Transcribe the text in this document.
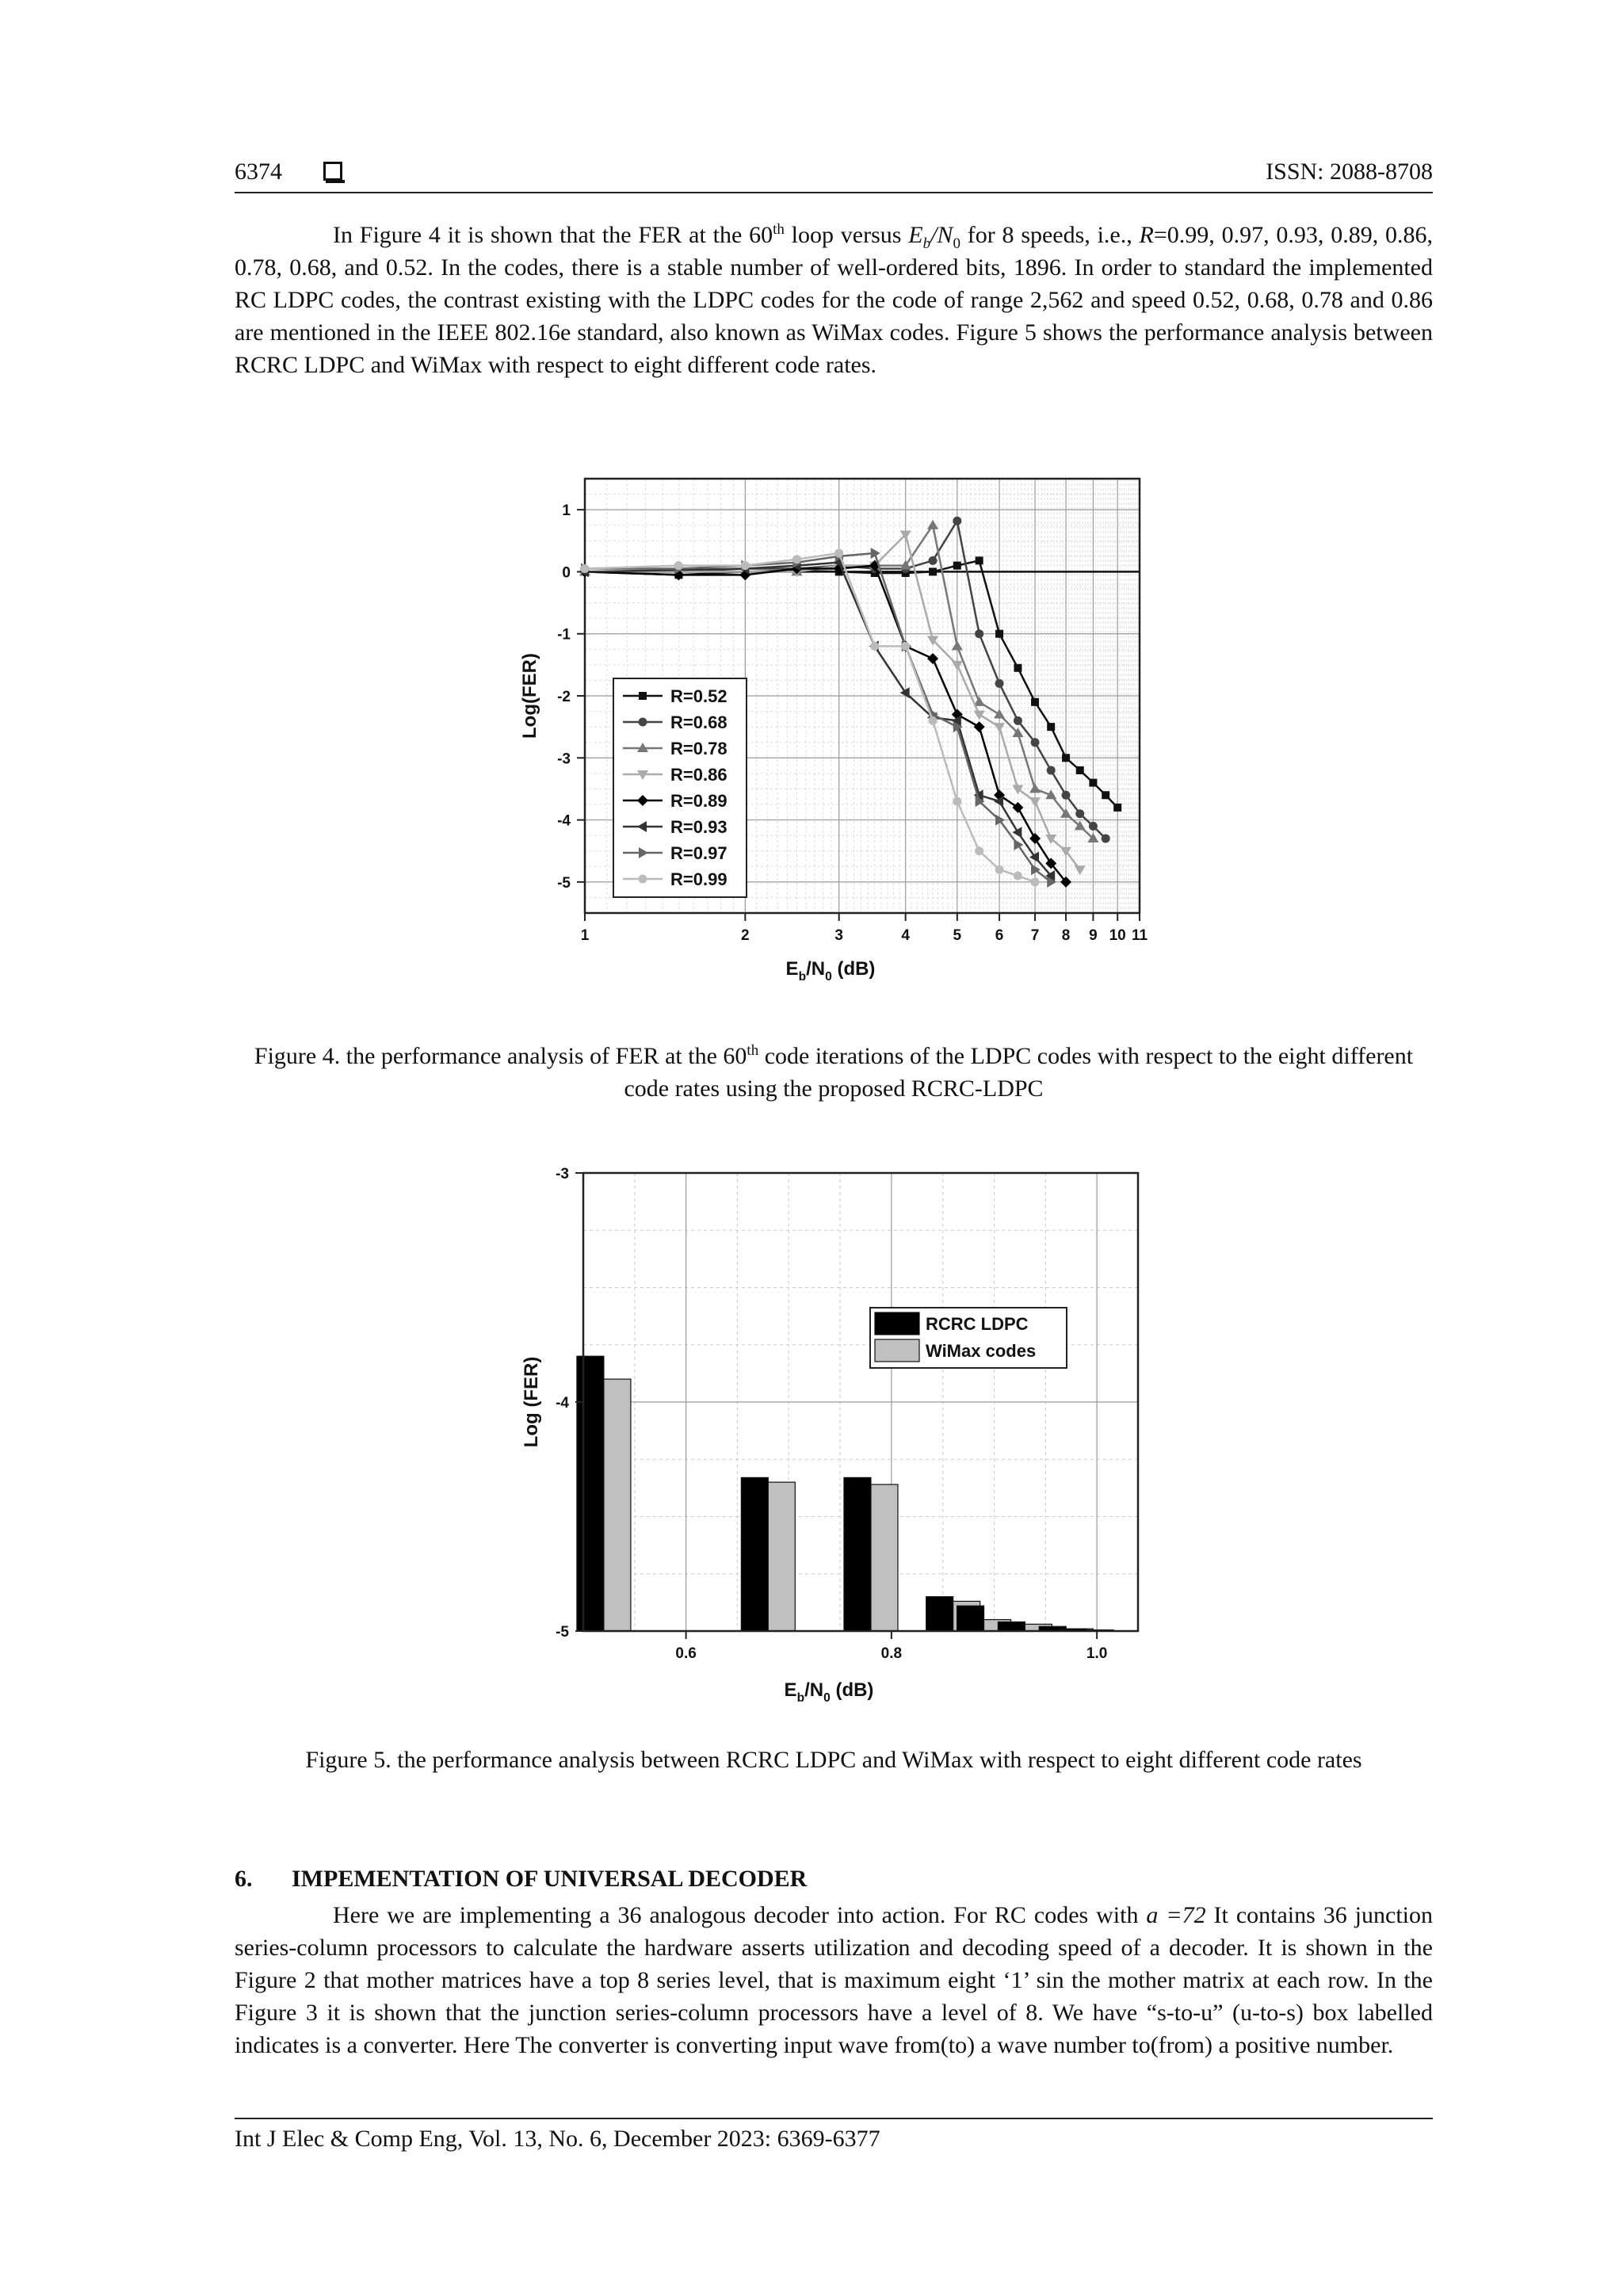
6374	ISSN: 2088-8708
In Figure 4 it is shown that the FER at the 60th loop versus $E_b/N_0$ for 8 speeds, i.e., R=0.99, 0.97, 0.93, 0.89, 0.86, 0.78, 0.68, and 0.52. In the codes, there is a stable number of well-ordered bits, 1896. In order to standard the implemented RC LDPC codes, the contrast existing with the LDPC codes for the code of range 2,562 and speed 0.52, 0.68, 0.78 and 0.86 are mentioned in the IEEE 802.16e standard, also known as WiMax codes. Figure 5 shows the performance analysis between RCRC LDPC and WiMax with respect to eight different code rates.
1	2	3	4	5 6 7 8 9 10 11
1
0
-1
-2
-3
-4
-5
$E_b/N_0$ (dB)
Log(FER)	R=0.52
R=0.68
R=0.78
R=0.86
R=0.89
R=0.93
R=0.97
R=0.99
Figure 4. the performance analysis of FER at the 60th code iterations of the LDPC codes with respect to the eight different code rates using the proposed RCRC-LDPC
0.6	0.8	1.0
-3
-4
-5
$E_b/N_0$ (dB)
Log (FER)
RCRC LDPC
WiMax codes
Figure 5. the performance analysis between RCRC LDPC and WiMax with respect to eight different code rates
6. IMPEMENTATION OF UNIVERSAL DECODER
Here we are implementing a 36 analogous decoder into action. For RC codes with a =72 It contains 36 junction series-column processors to calculate the hardware asserts utilization and decoding speed of a decoder. It is shown in the Figure 2 that mother matrices have a top 8 series level, that is maximum eight ‘1’ sin the mother matrix at each row. In the Figure 3 it is shown that the junction series-column processors have a level of 8. We have “s-to-u” (u-to-s) box labelled indicates is a converter. Here The converter is converting input wave from(to) a wave number to(from) a positive number.
Int J Elec & Comp Eng, Vol. 13, No. 6, December 2023: 6369-6377
